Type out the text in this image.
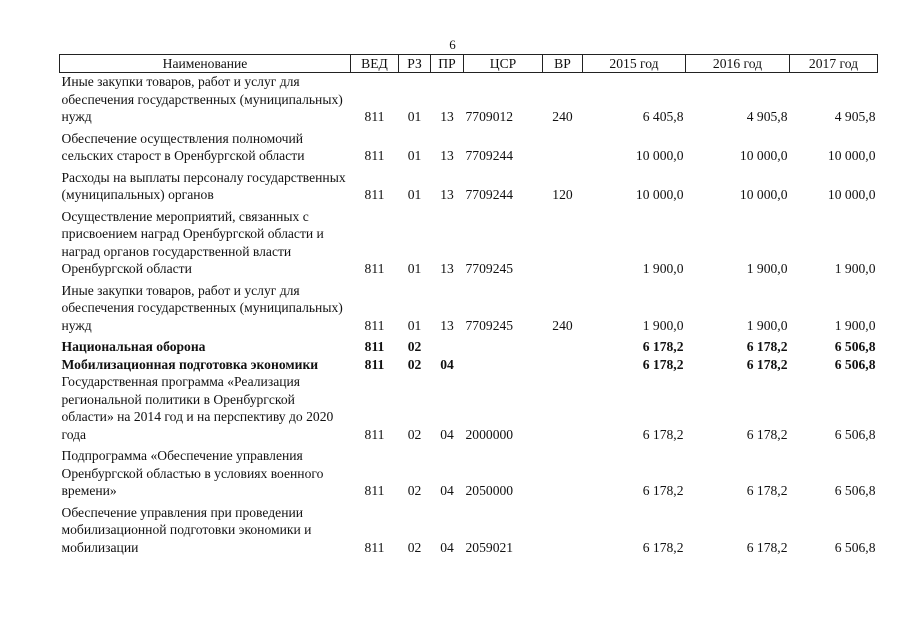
6
Наименование	ВЕД	РЗ	ПР	ЦСР	ВР	2015 год	2016 год	2017 год
Иные закупки товаров, работ и услуг для обеспечения государственных (муниципальных) нужд	811	01	13	7709012	240	6 405,8	4 905,8	4 905,8
Обеспечение осуществления полномочий сельских старост в Оренбургской области	811	01	13	7709244		10 000,0	10 000,0	10 000,0
Расходы на выплаты персоналу государственных (муниципальных) органов	811	01	13	7709244	120	10 000,0	10 000,0	10 000,0
Осуществление мероприятий, связанных с присвоением наград Оренбургской области и наград органов государственной власти Оренбургской области	811	01	13	7709245		1 900,0	1 900,0	1 900,0
Иные закупки товаров, работ и услуг для обеспечения государственных (муниципальных) нужд	811	01	13	7709245	240	1 900,0	1 900,0	1 900,0
Национальная оборона	811	02				6 178,2	6 178,2	6 506,8
Мобилизационная подготовка экономики	811	02	04			6 178,2	6 178,2	6 506,8
Государственная программа «Реализация региональной политики в Оренбургской области» на 2014 год и на перспективу до 2020 года	811	02	04	2000000		6 178,2	6 178,2	6 506,8
Подпрограмма «Обеспечение управления Оренбургской областью в условиях военного времени»	811	02	04	2050000		6 178,2	6 178,2	6 506,8
Обеспечение управления при проведении мобилизационной подготовки экономики и мобилизации	811	02	04	2059021		6 178,2	6 178,2	6 506,8
